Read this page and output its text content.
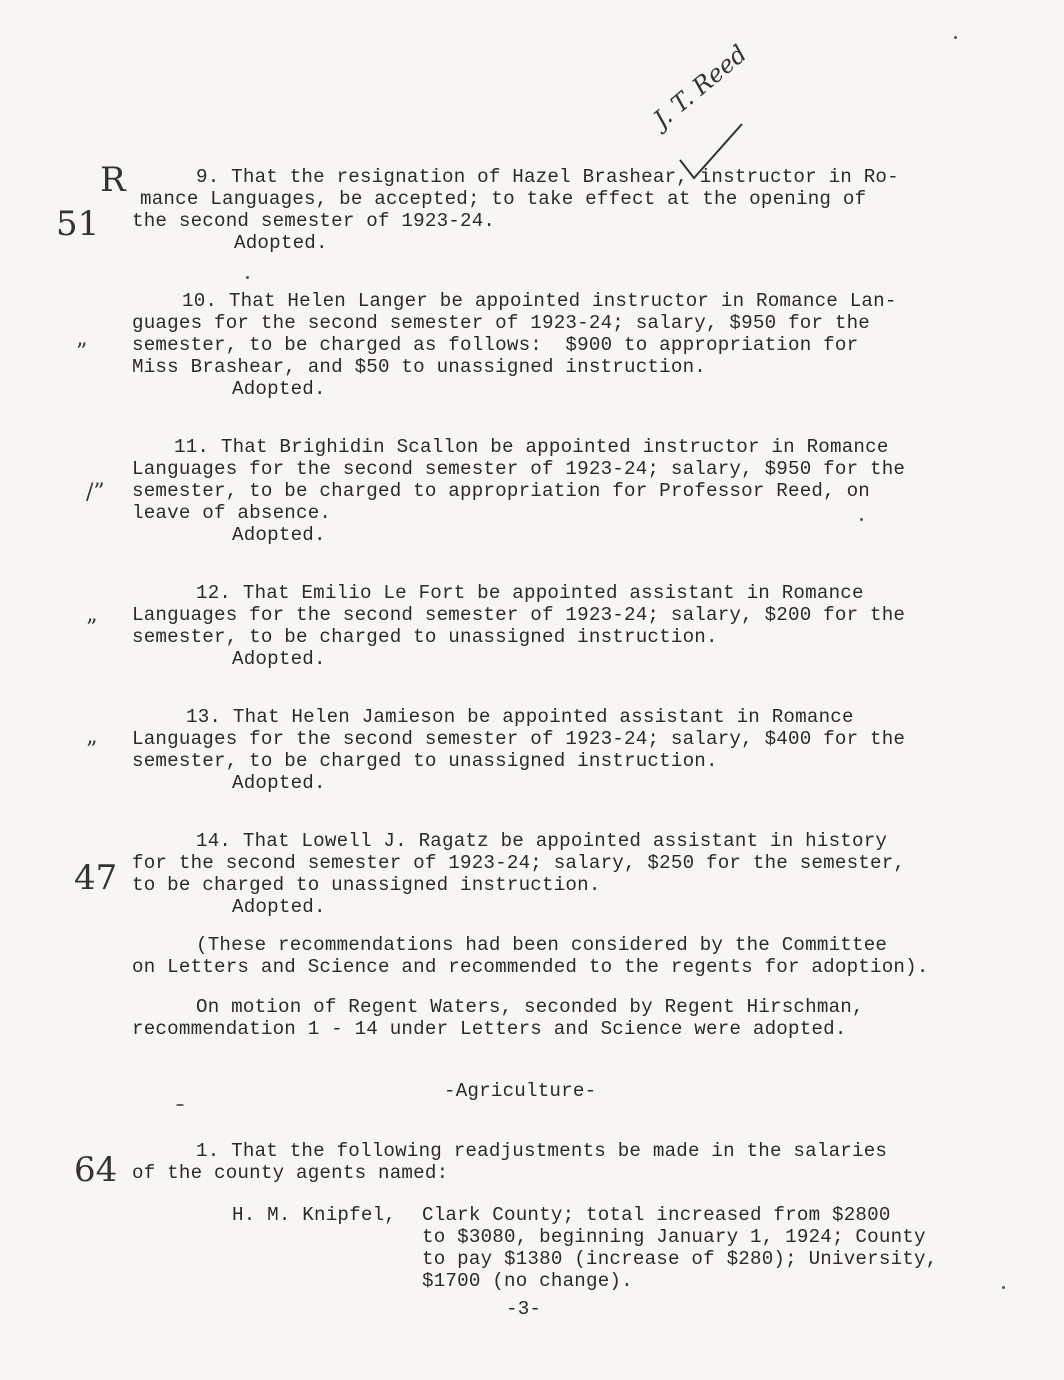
J. T. Reed
R
51
”
/”
”
”
47
64
9. That the resignation of Hazel Brashear, instructor in Ro-
mance Languages, be accepted; to take effect at the opening of
the second semester of 1923-24.
Adopted.
10. That Helen Langer be appointed instructor in Romance Lan-
guages for the second semester of 1923-24; salary, $950 for the
semester, to be charged as follows:  $900 to appropriation for
Miss Brashear, and $50 to unassigned instruction.
Adopted.
11. That Brighidin Scallon be appointed instructor in Romance
Languages for the second semester of 1923-24; salary, $950 for the
semester, to be charged to appropriation for Professor Reed, on
leave of absence.
Adopted.
12. That Emilio Le Fort be appointed assistant in Romance
Languages for the second semester of 1923-24; salary, $200 for the
semester, to be charged to unassigned instruction.
Adopted.
13. That Helen Jamieson be appointed assistant in Romance
Languages for the second semester of 1923-24; salary, $400 for the
semester, to be charged to unassigned instruction.
Adopted.
14. That Lowell J. Ragatz be appointed assistant in history
for the second semester of 1923-24; salary, $250 for the semester,
to be charged to unassigned instruction.
Adopted.
(These recommendations had been considered by the Committee
on Letters and Science and recommended to the regents for adoption).
On motion of Regent Waters, seconded by Regent Hirschman,
recommendation 1 - 14 under Letters and Science were adopted.
-Agriculture-
1. That the following readjustments be made in the salaries
of the county agents named:
H. M. Knipfel, Clark County; total increased from $2800
to $3080, beginning January 1, 1924; County
to pay $1380 (increase of $280); University,
$1700 (no change).
-3-
